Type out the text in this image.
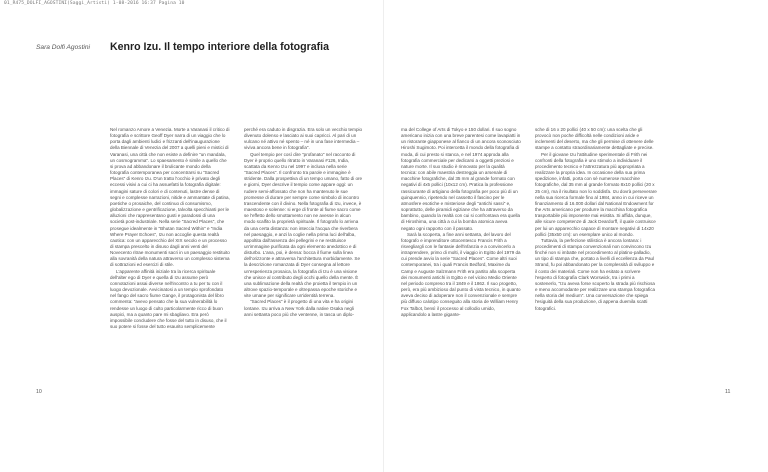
01_R475_DOLFI_AGOSTINI(Saggi_Artisti) 1-08-2016 16:37 Pagina 10
Sara Dolfi Agostini Kenro Izu. Il tempo interiore della fotografia

Nel romanzo Amore a Venezia. Morte a Varanasi il critico di fotografia e scrittore Geoff Dyer narra di un viaggio che lo porta dagli ambienti ludici e frizzanti dell'inaugurazione della Biennale di Venezia del 2007 a quelli pieni e mistici di Varanasi, una città che non esiste a definire "un mandala, un cosmogramma". Lo spaesamento è simile a quello che si prova ad abbandonare il brulicante mondo della fotografia contemporanea per concentrarsi su "Sacred Places" di Kenro Izu. D'un tratto l'occhio è privato degli eccessi visivi a cui ci ha assuefatti la fotografia digitale: immagini sature di colori e di contenuti, lastre dense di segni e complesse narrazioni, nitide e ammantate di patina, poetiche o prosaiche, del continuo di consumismo, globalizzazione e gentrificazione, talvolta specchianti per le alluzioni che rappresentano gusti e paradossi di una società post-industriale. Nella serie "Sacred Places", che prosegue idealmente in "Bhutan Sacred Within" e "India Where Prayer Echoes", Izu non accoglie questa realtà caotica: con un apparecchio del XIX secolo e un processo di stampa prescelto in disuso dagli anni venti del Novecento ritrae monumenti sacri in un paesaggio restituito alla sovranità della natura attraverso un complesso sistema di sottrazioni ed esercizi di stile.

L'apparente affinità iniziale tra la ricerca spirituale dell'alter ego di Dyer e quella di Izu assume però connotazioni assai diverse nell'incontro a tu per tu con il luogo devozionale. Avvicinatosi a un tempio sprofondato nel fango del sacro fiume Gange, il protagonista del libro commenta: "avevo pensato che la sua vulnerabilità lo rendesse un luogo di culto particolarmente ricco di buon auspici, ma a quanto pare mi sbagliavo. Era però impossibile concludere che fosse del tutto in disuso, che il suo potere si fosse del tutto esaurito semplicemente

perché era caduto in disgrazia. Era solo un vecchio tempio divenuto dolenso e lasciato ai suoi capricci. Al pari di un vulcano né attivo né spento – né in una fase intermedia – viviva ancora bene in fotografia".

Quel tempio per così dire "profanato" nel racconto di Dyer è proprio quello ritratto in Varanasi #126, India, scattata da Kenro Izu nel 1997 e inclusa nella serie "Sacred Places". Il confronto tra parole e immagine è stridente. Dalla prospettiva di un tempo umano, fatto di ore e giorni, Dyer descrive il tempio come appare oggi: un rudere semi-affossato che non ha mantenuto le sue promesse di durare per sempre come simbolo di incontro trascendente con il divino. Nella fotografia di Izu, invece, è maestoso e solenne: si erge di fronte al fiume sacro come se l'effetto dello smottamento non ne avesse in alcun modo scalfito la proprietà spirituale. Il fotografo lo arrivna da una certa distanza: non inteccia l'acqua che riverbera nel paesaggio, e anzi la coglie nella prima luci dell'alba, appoltita dall'assenza dei pellegrini e ne restituisce un'immagine purificata da ogni elemento anedottico e di disturbo. L'ana, poi, è densa: bocca il fiume sulla linea dell'orizzonte e attraversa l'architettura morbidamente. Se la descrizione romanzata di Dyer consegna al lettore un'esperienza prosaica, la fotografia di Izu è una visione che unisce al contributo degli occhi quello della mente. È una sublimazione della realtà che proietta il tempio in un altrove spazio-temporale e oltrepassa epoche storiche e vite umane per significare un'identità terrena.

"Sacred Places" è il progetto di una vita e ha origini lontane. Izu arriva a New York dalla native Osaka negli anni settanta poco più che ventenne, in tasca un diplo-

ma del College of Arts di Tokyo e 150 dollari. Il suo sogno americano inizia con una breve parentesi come lavapiatti in un ristorante giapponese al fianco di un ancora sconosciuto Hiroshi Sugimoto. Poi intercetta il mondo della fotografia di moda, di cui presto si stanca, e nel 1974 approda alla fotografia commerciale per dedicarsi a oggetti preziosi e nature morte. Il suo studio è rinnovato per la qualità tecnica: con abile maestria destreggia un arsenale di macchine fotografiche, dal 35 mm al grande formato con negativi di 4x5 pollici (10x12 cm). Pratica la professione rassicurante di artigiano della fotografia per poco più di un quinquennio, ripetendo nel cassetto il fascino per le atmosfere esotiche e misteriose degli "antichi sassi" e, soprattutto, delle piramidi egiziane che ha attraverso da bambino, quando la realtà con cui si confrontava era quella di Hiroshima, una città a cui la bomba atomica aveva negato ogni rapporto con il passato.

Sarà la scoperta, a fine anni settanta, del lavoro del fotografo e imprenditore ottocentesco Francis Frith a risvegliargli con le fantasie dell'infanzia e a convincerlo a intraprendere, primo di molti, il viaggio in Egitto del 1979 da cui prende avvio la serie "Sacred Places". Come altri suoi contemporanei, tra i quali Francis Bedford, Maxime du Camp e Auguste Salzmann Frith era partito alla scoperta dei monumenti antichi in Egitto e nel vicino Medio Oriente nel periodo compreso tra il 1849 e il 1862. Il suo progetto, però, era più ambizioso dal punto di vista tecnico, in quanto aveva deciso di adoperare non il convenzionale e sempre più diffuso calotipo conseguito alla storia de William Henry Fox Talbot, bensì il processo al collodio umido, applicandolo a lastre gigante-

sche di 16 x 20 pollici (40 x 50 cm): una scelta che gli provocò non poche difficoltà nelle condizioni aride e inclementi del deserto, ma che gli permise di ottenere delle stampe a contatto straordinariamente dettagliate e precise.

Per il giovane Izu l'attitudine sperimentale di Frith nei confronti della fotografia è uno stimolo a individuare il procedimento tecnico e l'attrezzatura più appropriata a realizzare la propria idea. In occasione della sua prima spedizione, infatti, porta con sé numerose macchine fotografiche, dal 35 mm al grande formato 8x10 pollici (20 x 25 cm), ma il risultato non lo soddisfa. Izu dovrà perseverare nella sua ricerca formale fino al 1984, anno in cui riceve un finanziamento di 16.000 dollari dal National Endowment for the Arts americano per produrre la macchina fotografica trasportabile più imponente mai esistita. Si affida, dunque, alle sicure competenze di Jack Deardorff, il quale costruisce per lui un apparecchio capace di montare negativi di 14x20 pollici (35x50 cm): un esemplare unico al mondo.

Tuttavia, la perfezione stilistica è ancora lontana: i procedimenti di stampa convenzionali non convincono Izu finché non si imbatte nel procedimento al platino-palladio, un tipo di stampa che, portato a livelli di eccellenza da Paul Strand, fu poi abbandonato per la complessità di sviluppo e il costo dei materiali. Come non ha esitato a scrivere l'esperto di fotografia Clark Worswick, tra i primi a sostenerlo, "Izu aveva forse scoperto la strada più rischiosa e meno accomodante per realizzare una stampa fotografica nella storia del medium". Una conversazione che spiega l'esiguità della sua produzione, di appena duemila scatti fotografici.

10	11
